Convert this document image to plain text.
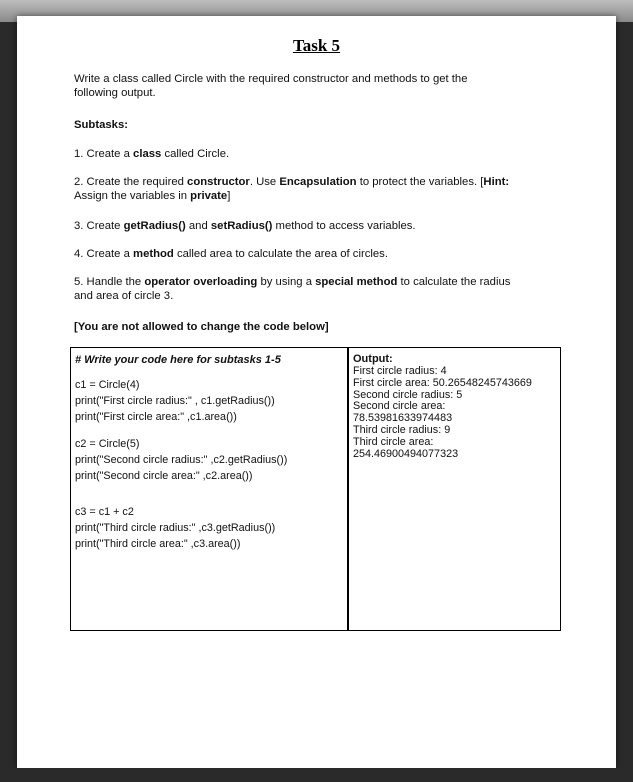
Task 5
Write a class called Circle with the required constructor and methods to get the
following output.
Subtasks:
1. Create a class called Circle.
2. Create the required constructor. Use Encapsulation to protect the variables. [Hint:
Assign the variables in private]
3. Create getRadius() and setRadius() method to access variables.
4. Create a method called area to calculate the area of circles.
5. Handle the operator overloading by using a special method to calculate the radius
and area of circle 3.
[You are not allowed to change the code below]
# Write your code here for subtasks 1-5
c1 = Circle(4)
print("First circle radius:" , c1.getRadius())
print("First circle area:" ,c1.area())
c2 = Circle(5)
print("Second circle radius:" ,c2.getRadius())
print("Second circle area:" ,c2.area())
c3 = c1 + c2
print("Third circle radius:" ,c3.getRadius())
print("Third circle area:" ,c3.area())
Output:
First circle radius: 4
First circle area: 50.26548245743669
Second circle radius: 5
Second circle area:
78.53981633974483
Third circle radius: 9
Third circle area:
254.46900494077323
